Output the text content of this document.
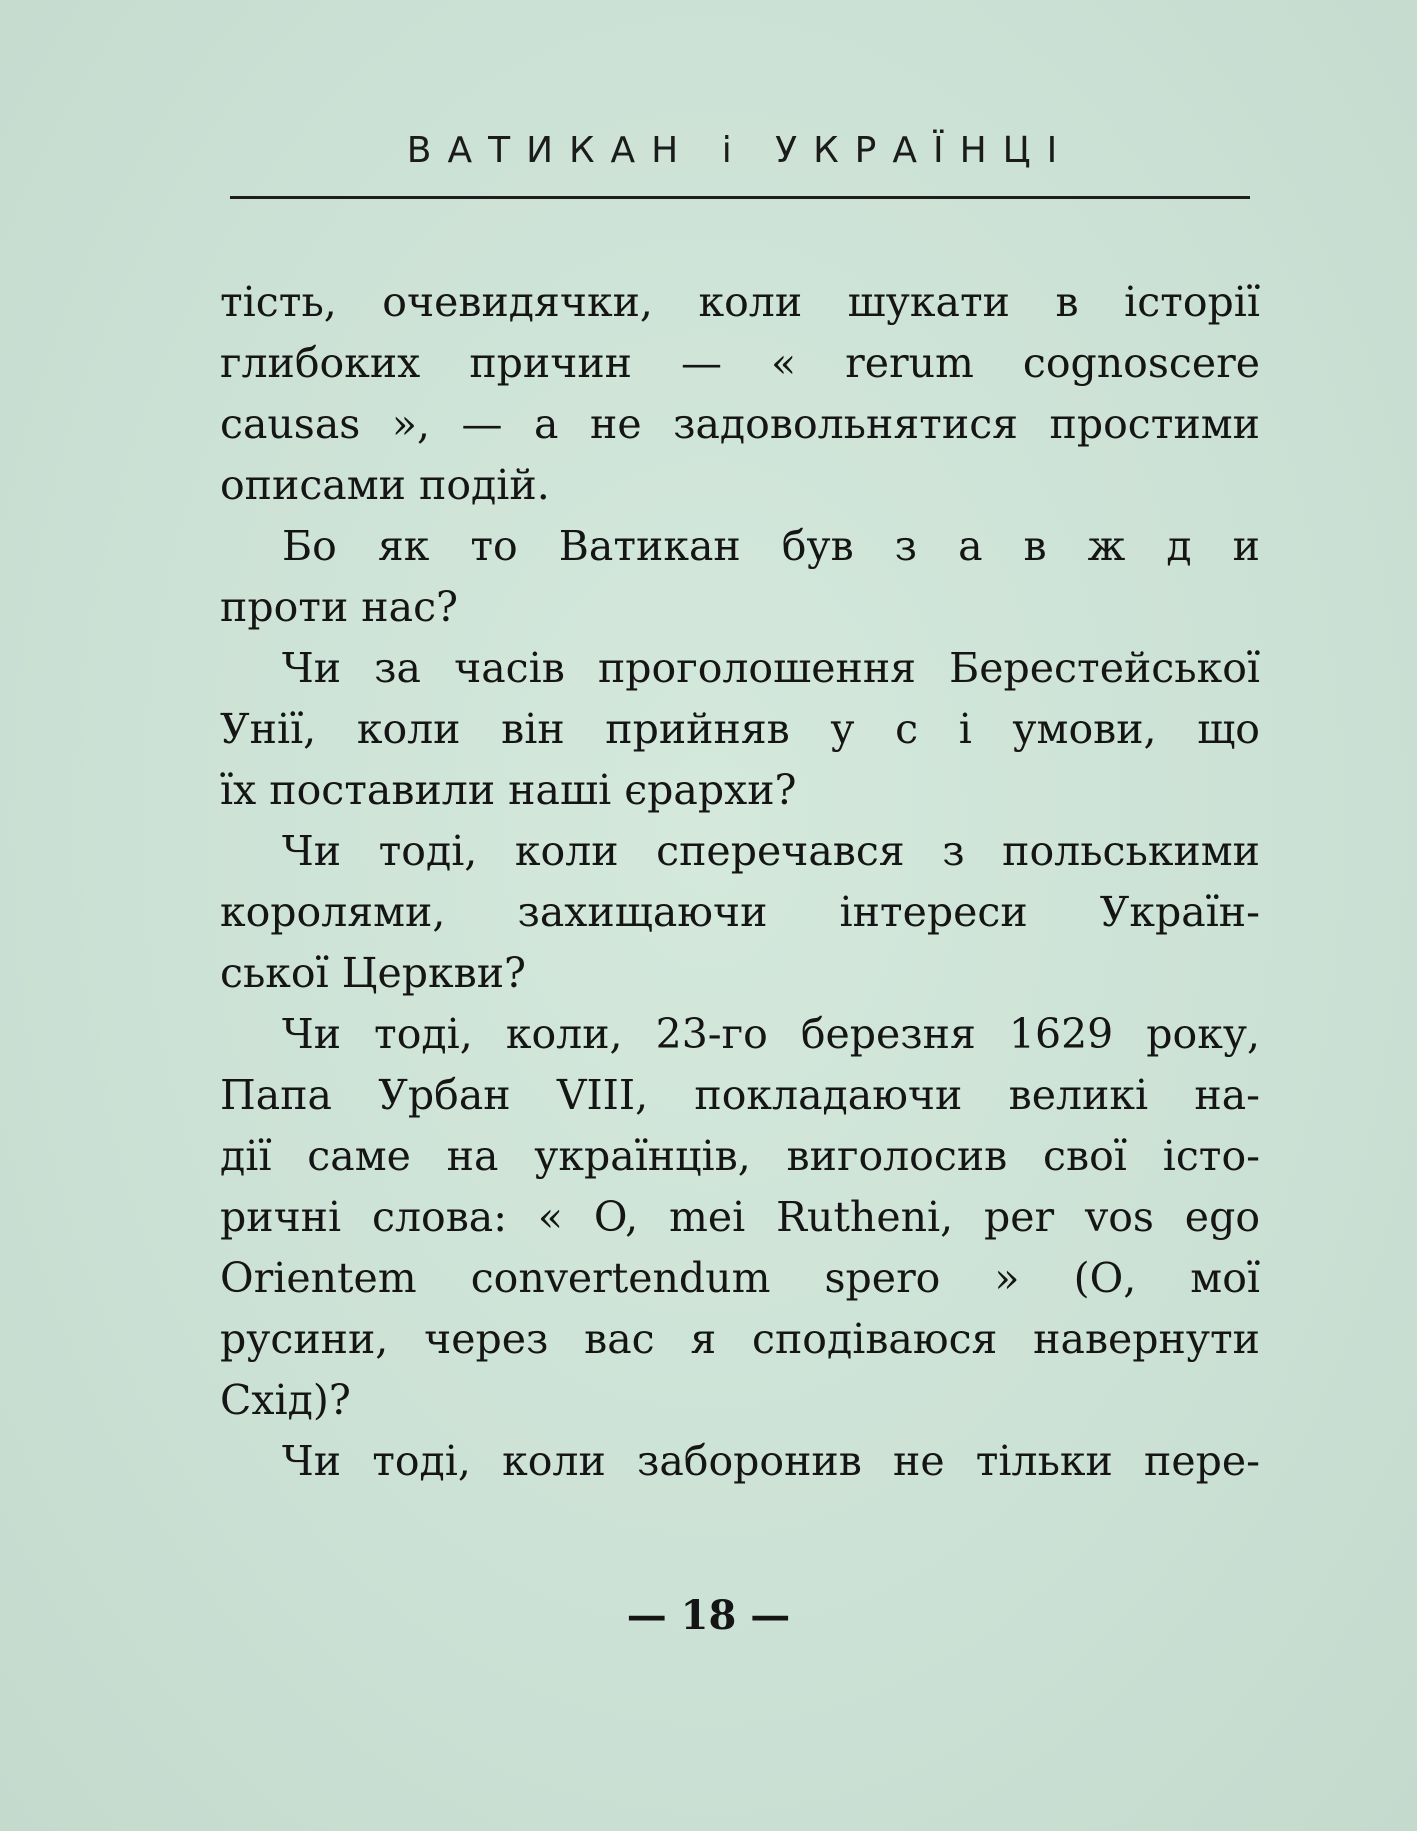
ВАТИКАН і УКРАЇНЦІ
тість, очевидячки, коли шукати в історії
глибоких причин — « rerum cognoscere
causas », — а не задовольнятися простими
описами подій.
Бо як то Ватикан був з а в ж д и
проти нас?
Чи за часів проголошення Берестейської
Унії, коли він прийняв у с і умови, що
їх поставили наші єрархи?
Чи тоді, коли сперечався з польськими
королями, захищаючи інтереси Україн-
ської Церкви?
Чи тоді, коли, 23-го березня 1629 року,
Папа Урбан VIII, покладаючи великі на-
дії саме на українців, виголосив свої істо-
ричні слова: « O, mei Rutheni, per vos ego
Orientem convertendum spero » (О, мої
русини, через вас я сподіваюся навернути
Схід)?
Чи тоді, коли заборонив не тільки пере-
— 18 —
